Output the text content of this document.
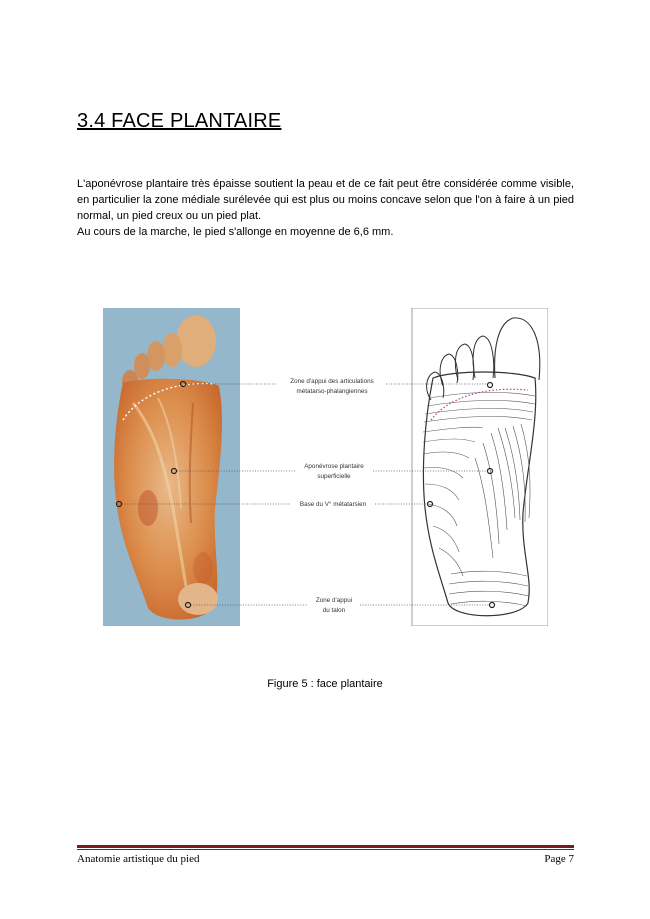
3.4 FACE PLANTAIRE

L'aponévrose plantaire très épaisse soutient la peau et de ce fait peut être considérée comme visible, en particulier la zone médiale surélevée qui est plus ou moins concave selon que l'on à faire à un pied normal, un pied creux ou un pied plat.

Au cours de la marche, le pied s'allonge en moyenne de 6,6 mm.

Zone d'appui des articulations
métatarso-phalangiennes
Aponévrose plantaire
superficielle
Base du V° métatarsien
Zone d'appui
du talon
Figure 5 : face plantaire
Anatomie artistique du pied	Page 7
